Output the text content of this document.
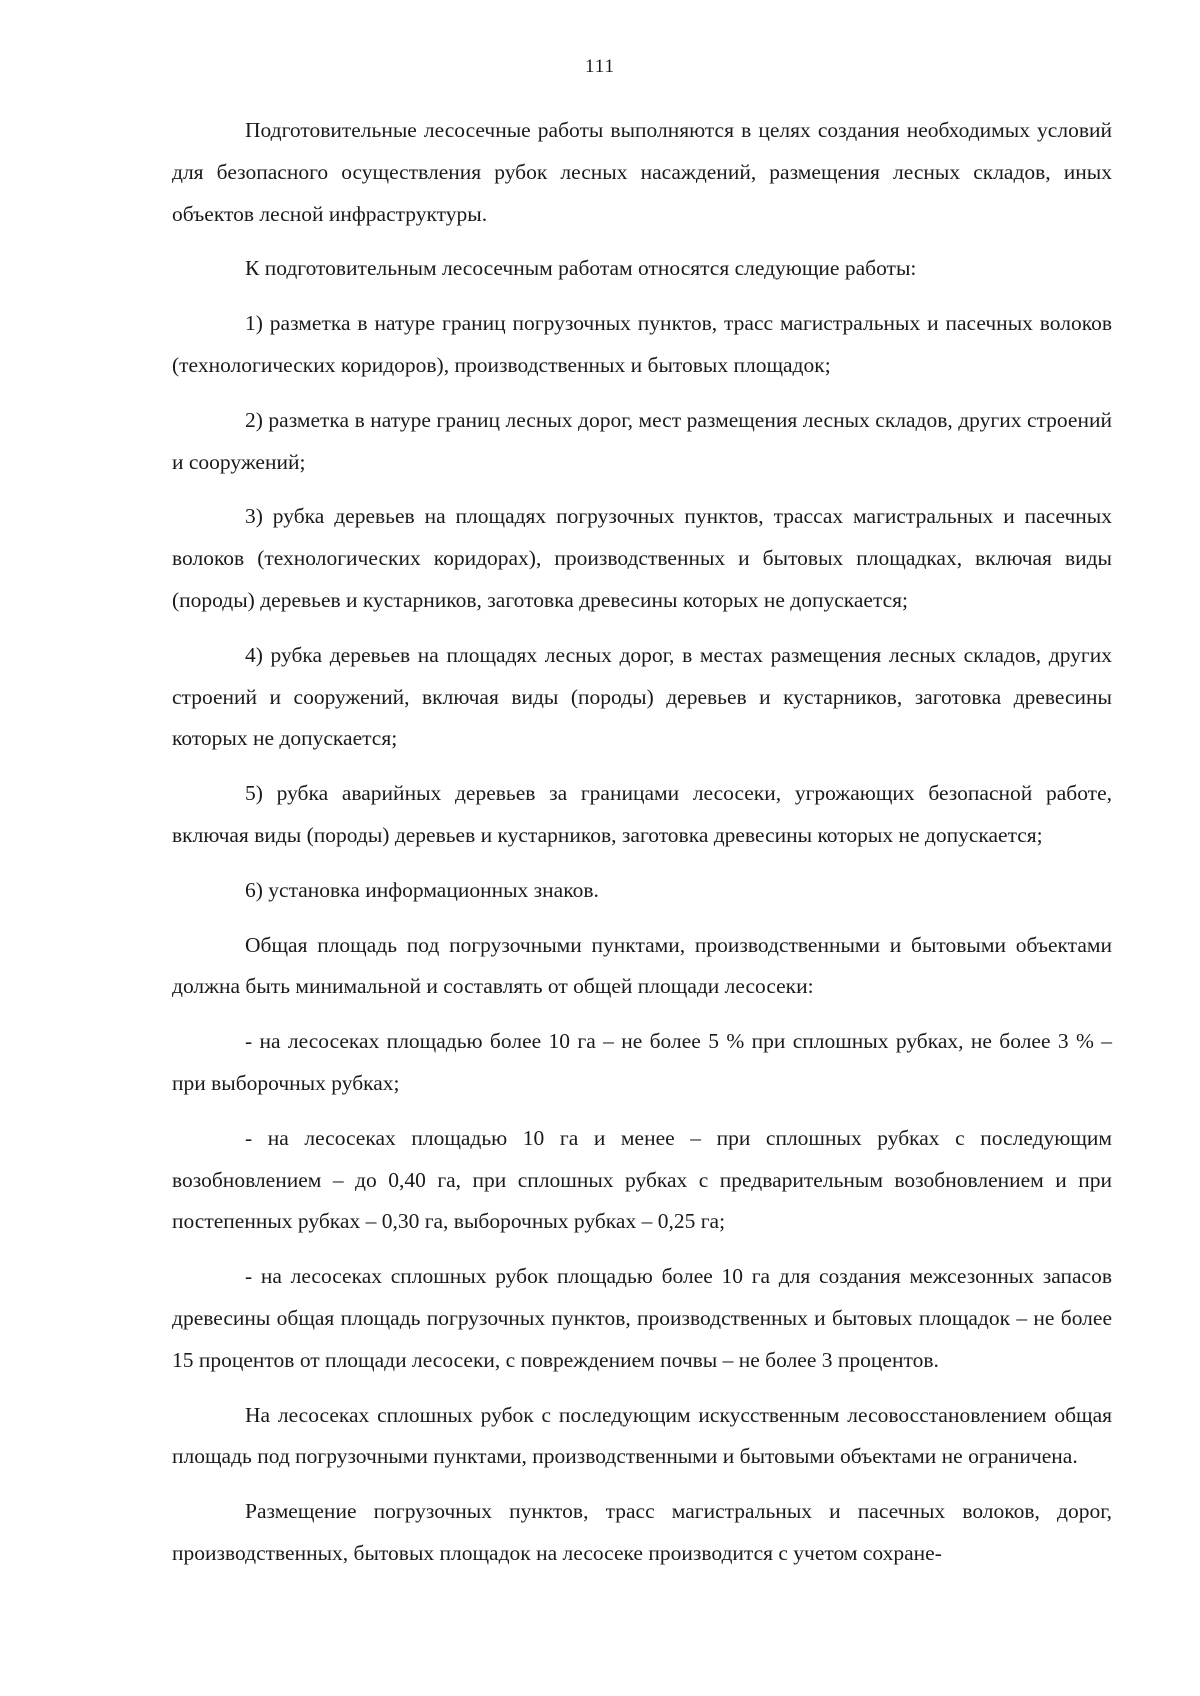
111

Подготовительные лесосечные работы выполняются в целях создания необходимых условий для безопасного осуществления рубок лесных насаждений, размещения лесных складов, иных объектов лесной инфраструктуры.

К подготовительным лесосечным работам относятся следующие работы:

1) разметка в натуре границ погрузочных пунктов, трасс магистральных и пасечных волоков (технологических коридоров), производственных и бытовых площадок;

2) разметка в натуре границ лесных дорог, мест размещения лесных складов, других строений и сооружений;

3) рубка деревьев на площадях погрузочных пунктов, трассах магистральных и пасечных волоков (технологических коридорах), производственных и бытовых площадках, включая виды (породы) деревьев и кустарников, заготовка древесины которых не допускается;

4) рубка деревьев на площадях лесных дорог, в местах размещения лесных складов, других строений и сооружений, включая виды (породы) деревьев и кустарников, заготовка древесины которых не допускается;

5) рубка аварийных деревьев за границами лесосеки, угрожающих безопасной работе, включая виды (породы) деревьев и кустарников, заготовка древесины которых не допускается;

6) установка информационных знаков.

Общая площадь под погрузочными пунктами, производственными и бытовыми объектами должна быть минимальной и составлять от общей площади лесосеки:

- на лесосеках площадью более 10 га – не более 5 % при сплошных рубках, не более 3 % – при выборочных рубках;

- на лесосеках площадью 10 га и менее – при сплошных рубках с последующим возобновлением – до 0,40 га, при сплошных рубках с предварительным возобновлением и при постепенных рубках – 0,30 га, выборочных рубках – 0,25 га;

- на лесосеках сплошных рубок площадью более 10 га для создания межсезонных запасов древесины общая площадь погрузочных пунктов, производственных и бытовых площадок – не более 15 процентов от площади лесосеки, с повреждением почвы – не более 3 процентов.

На лесосеках сплошных рубок с последующим искусственным лесовосстановлением общая площадь под погрузочными пунктами, производственными и бытовыми объектами не ограничена.

Размещение погрузочных пунктов, трасс магистральных и пасечных волоков, дорог, производственных, бытовых площадок на лесосеке производится с учетом сохране-
